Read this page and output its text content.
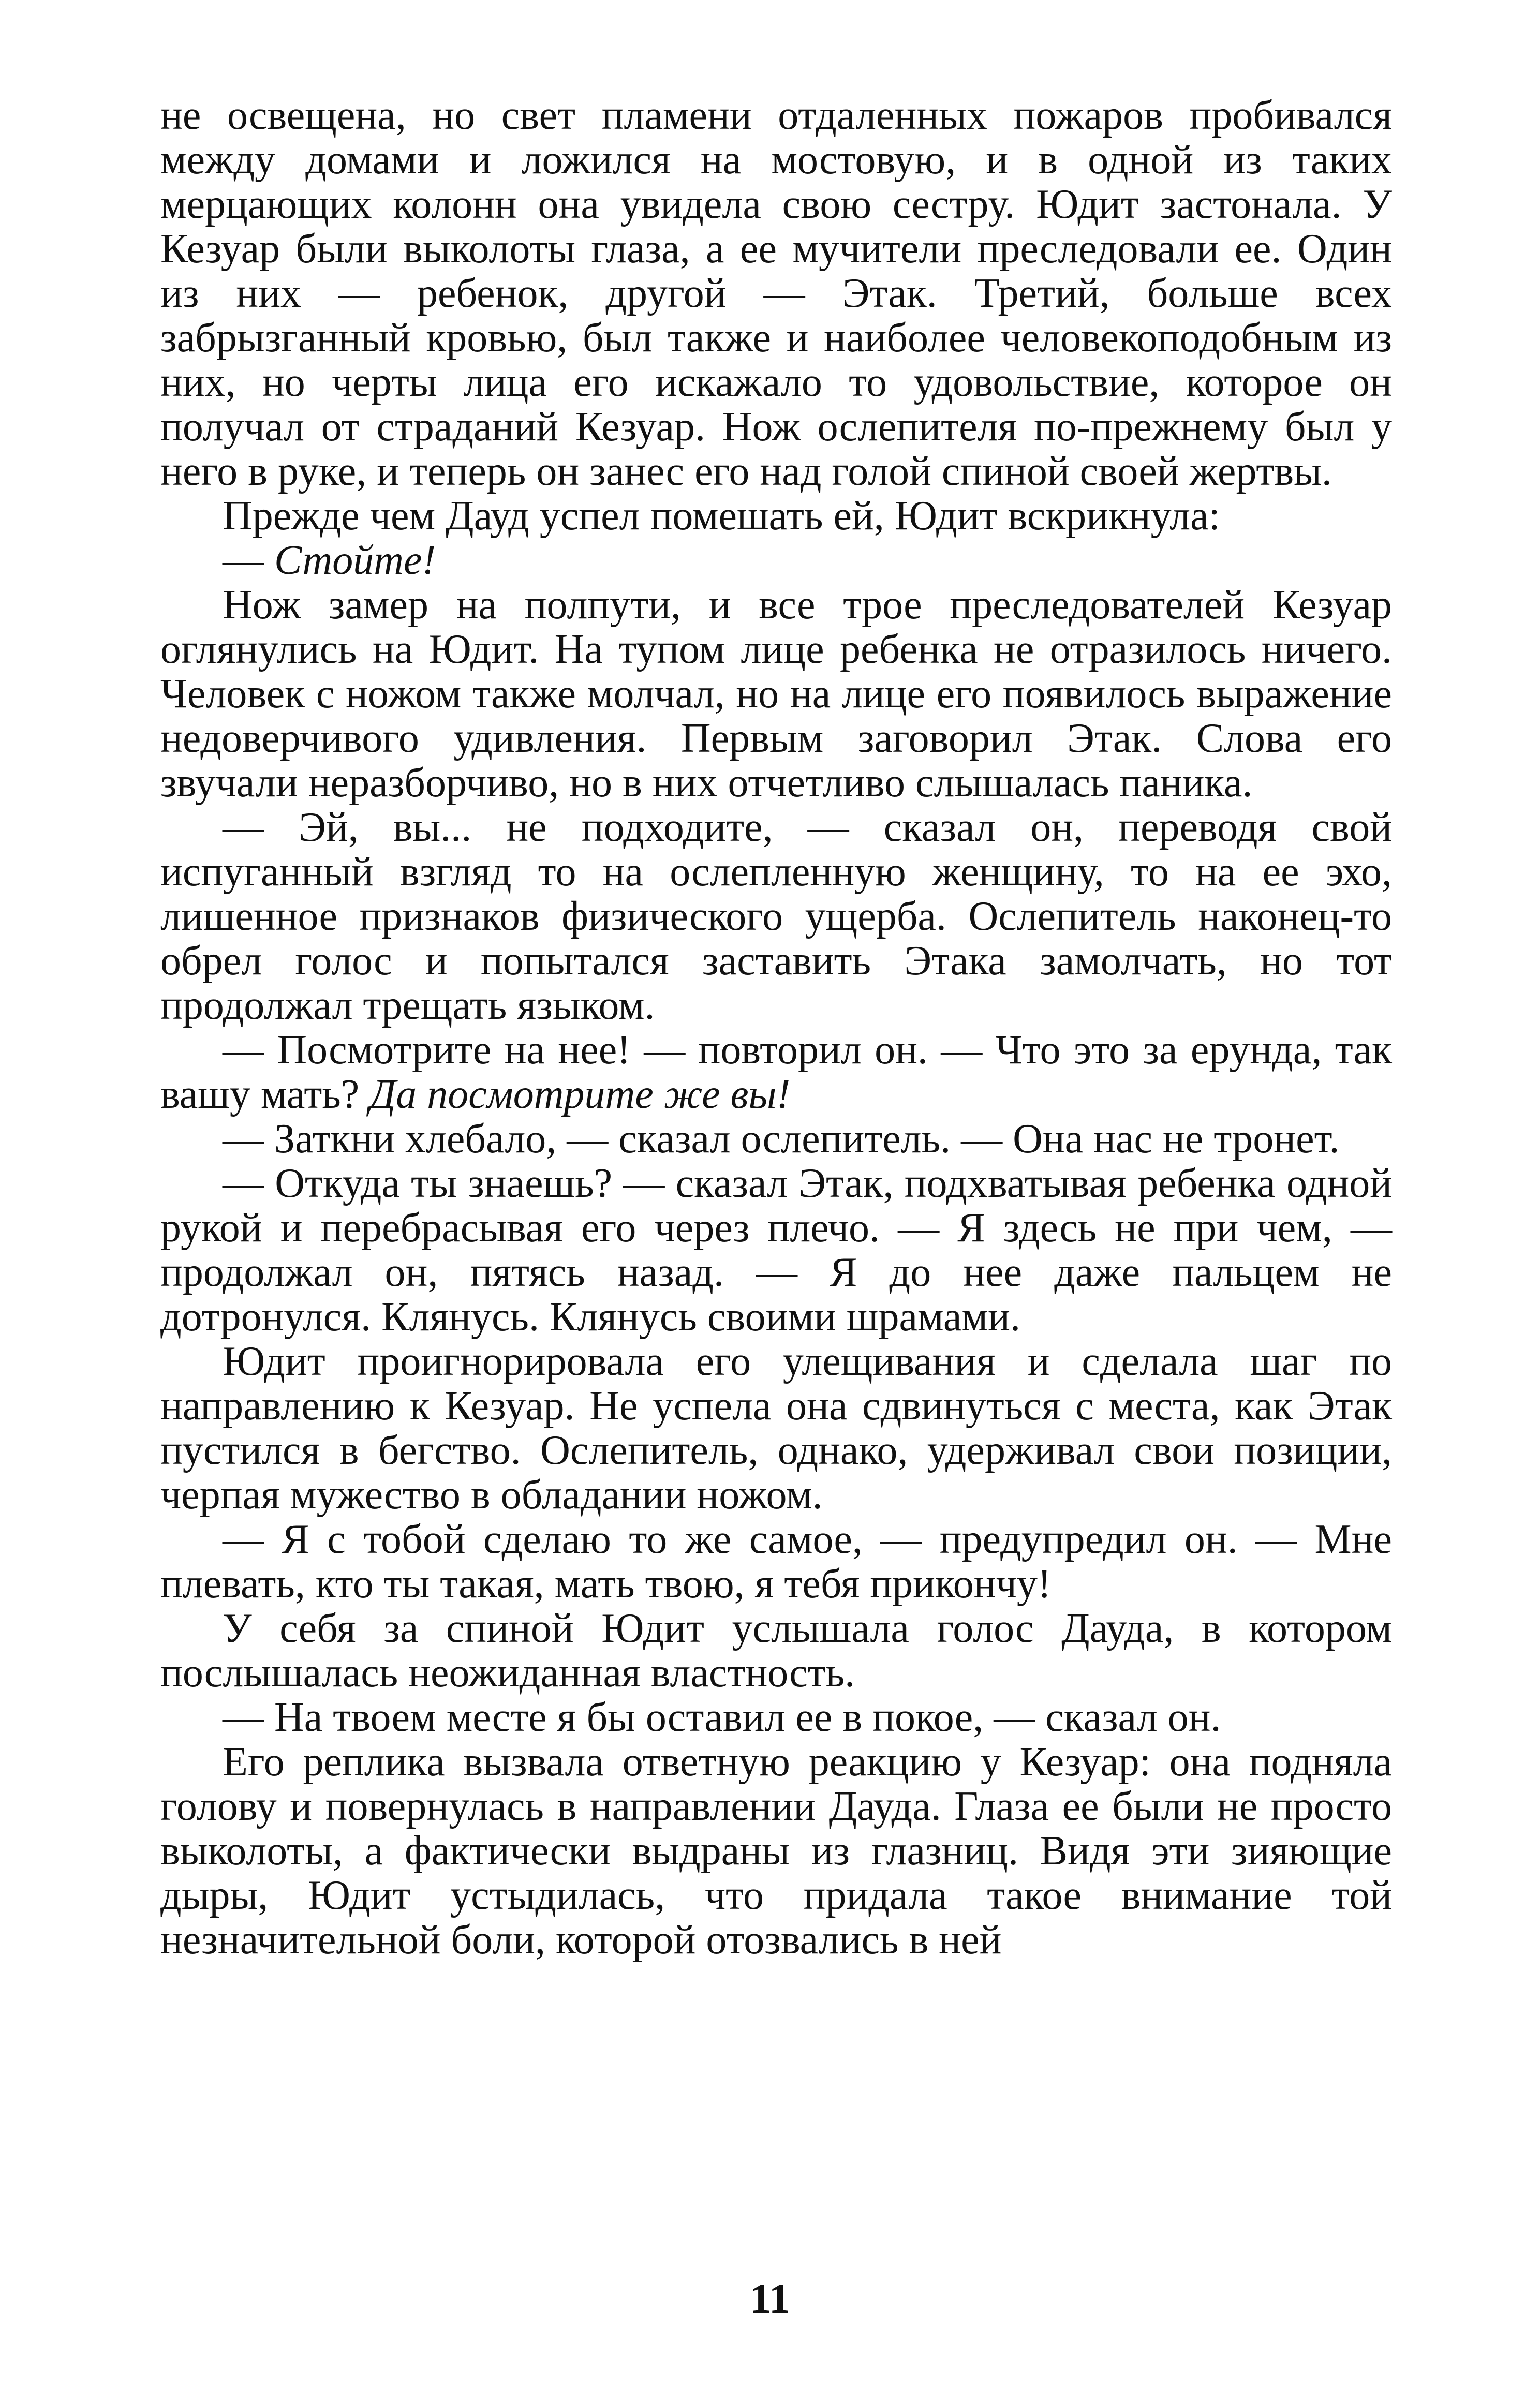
не освещена, но свет пламени отдаленных пожаров пробивался между домами и ложился на мостовую, и в одной из таких мерцающих колонн она увидела свою сестру. Юдит застонала. У Кезуар были выколоты глаза, а ее мучители преследовали ее. Один из них — ребенок, другой — Этак. Третий, больше всех забрызганный кровью, был также и наиболее человекоподобным из них, но черты лица его искажало то удовольствие, которое он получал от страданий Кезуар. Нож ослепителя по-прежнему был у него в руке, и теперь он занес его над голой спиной своей жертвы.

Прежде чем Дауд успел помешать ей, Юдит вскрикнула:

— Стойте!

Нож замер на полпути, и все трое преследователей Кезуар оглянулись на Юдит. На тупом лице ребенка не отразилось ничего. Человек с ножом также молчал, но на лице его появилось выражение недоверчивого удивления. Первым заговорил Этак. Слова его звучали неразборчиво, но в них отчетливо слышалась паника.

— Эй, вы... не подходите, — сказал он, переводя свой испуганный взгляд то на ослепленную женщину, то на ее эхо, лишенное признаков физического ущерба. Ослепитель наконец-то обрел голос и попытался заставить Этака замолчать, но тот продолжал трещать языком.

— Посмотрите на нее! — повторил он. — Что это за ерунда, так вашу мать? Да посмотрите же вы!

— Заткни хлебало, — сказал ослепитель. — Она нас не тронет.

— Откуда ты знаешь? — сказал Этак, подхватывая ребенка одной рукой и перебрасывая его через плечо. — Я здесь не при чем, — продолжал он, пятясь назад. — Я до нее даже пальцем не дотронулся. Клянусь. Клянусь своими шрамами.

Юдит проигнорировала его улещивания и сделала шаг по направлению к Кезуар. Не успела она сдвинуться с места, как Этак пустился в бегство. Ослепитель, однако, удерживал свои позиции, черпая мужество в обладании ножом.

— Я с тобой сделаю то же самое, — предупредил он. — Мне плевать, кто ты такая, мать твою, я тебя прикончу!

У себя за спиной Юдит услышала голос Дауда, в котором послышалась неожиданная властность.

— На твоем месте я бы оставил ее в покое, — сказал он.

Его реплика вызвала ответную реакцию у Кезуар: она подняла голову и повернулась в направлении Дауда. Глаза ее были не просто выколоты, а фактически выдраны из глазниц. Видя эти зияющие дыры, Юдит устыдилась, что придала такое внимание той незначительной боли, которой отозвались в ней

11
